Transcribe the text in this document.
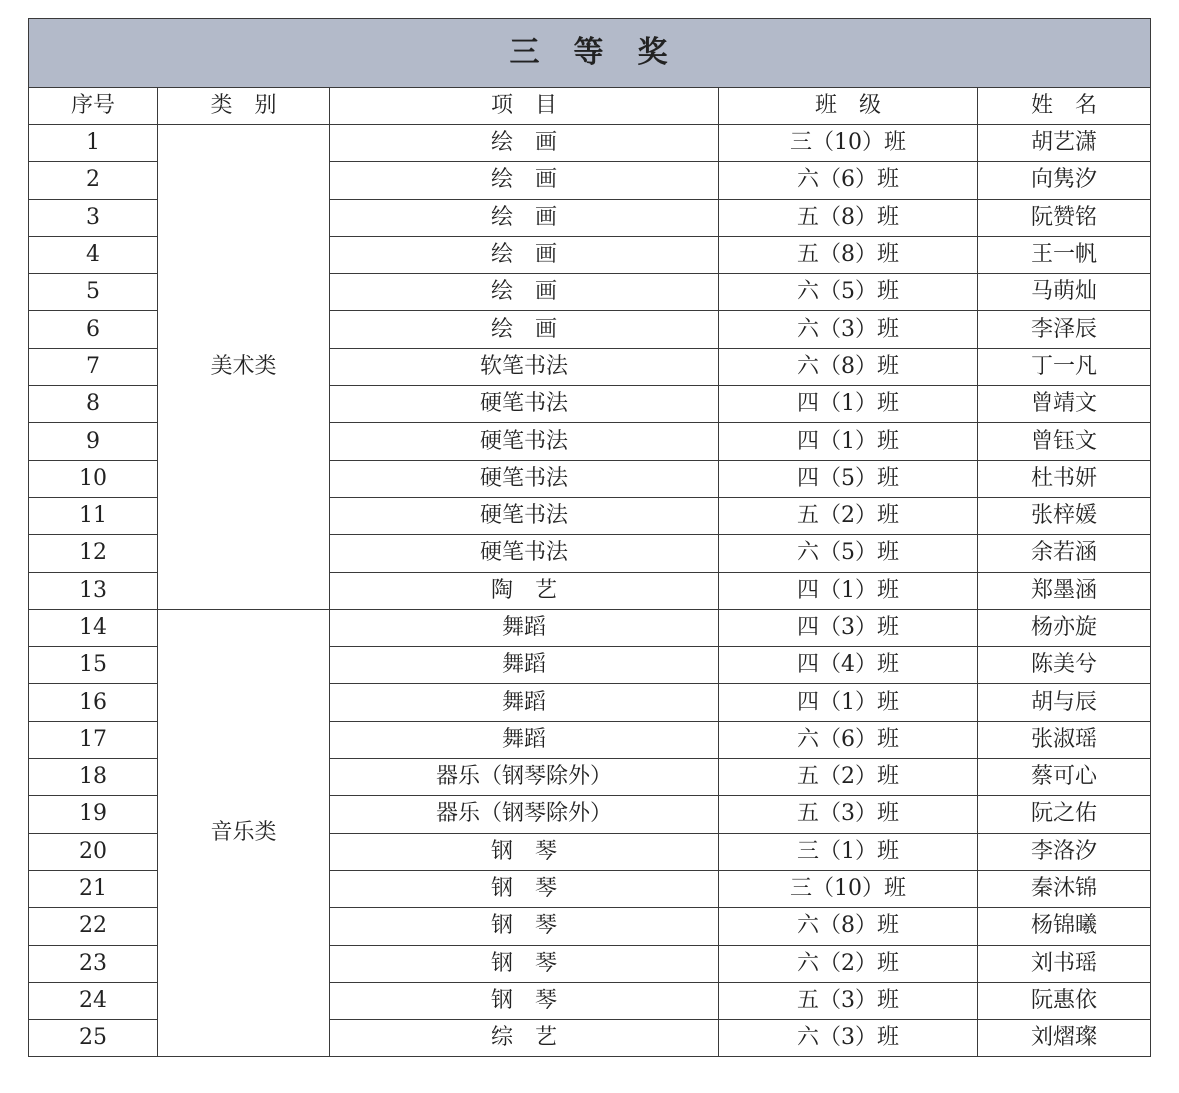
三　等　奖				
序号	类　别	项　目	班　级	姓　名
1	美术类	绘　画	三（10）班	胡艺潇
2		绘　画	六（6）班	向隽汐
3		绘　画	五（8）班	阮赞铭
4		绘　画	五（8）班	王一帆
5		绘　画	六（5）班	马萌灿
6		绘　画	六（3）班	李泽辰
7		软笔书法	六（8）班	丁一凡
8		硬笔书法	四（1）班	曾靖文
9		硬笔书法	四（1）班	曾钰文
10		硬笔书法	四（5）班	杜书妍
11		硬笔书法	五（2）班	张梓媛
12		硬笔书法	六（5）班	余若涵
13		陶　艺	四（1）班	郑墨涵
14	音乐类	舞蹈	四（3）班	杨亦旋
15		舞蹈	四（4）班	陈美兮
16		舞蹈	四（1）班	胡与辰
17		舞蹈	六（6）班	张淑瑶
18		器乐（钢琴除外）	五（2）班	蔡可心
19		器乐（钢琴除外）	五（3）班	阮之佑
20		钢　琴	三（1）班	李洛汐
21		钢　琴	三（10）班	秦沐锦
22		钢　琴	六（8）班	杨锦曦
23		钢　琴	六（2）班	刘书瑶
24		钢　琴	五（3）班	阮惠依
25		综　艺	六（3）班	刘熠璨
